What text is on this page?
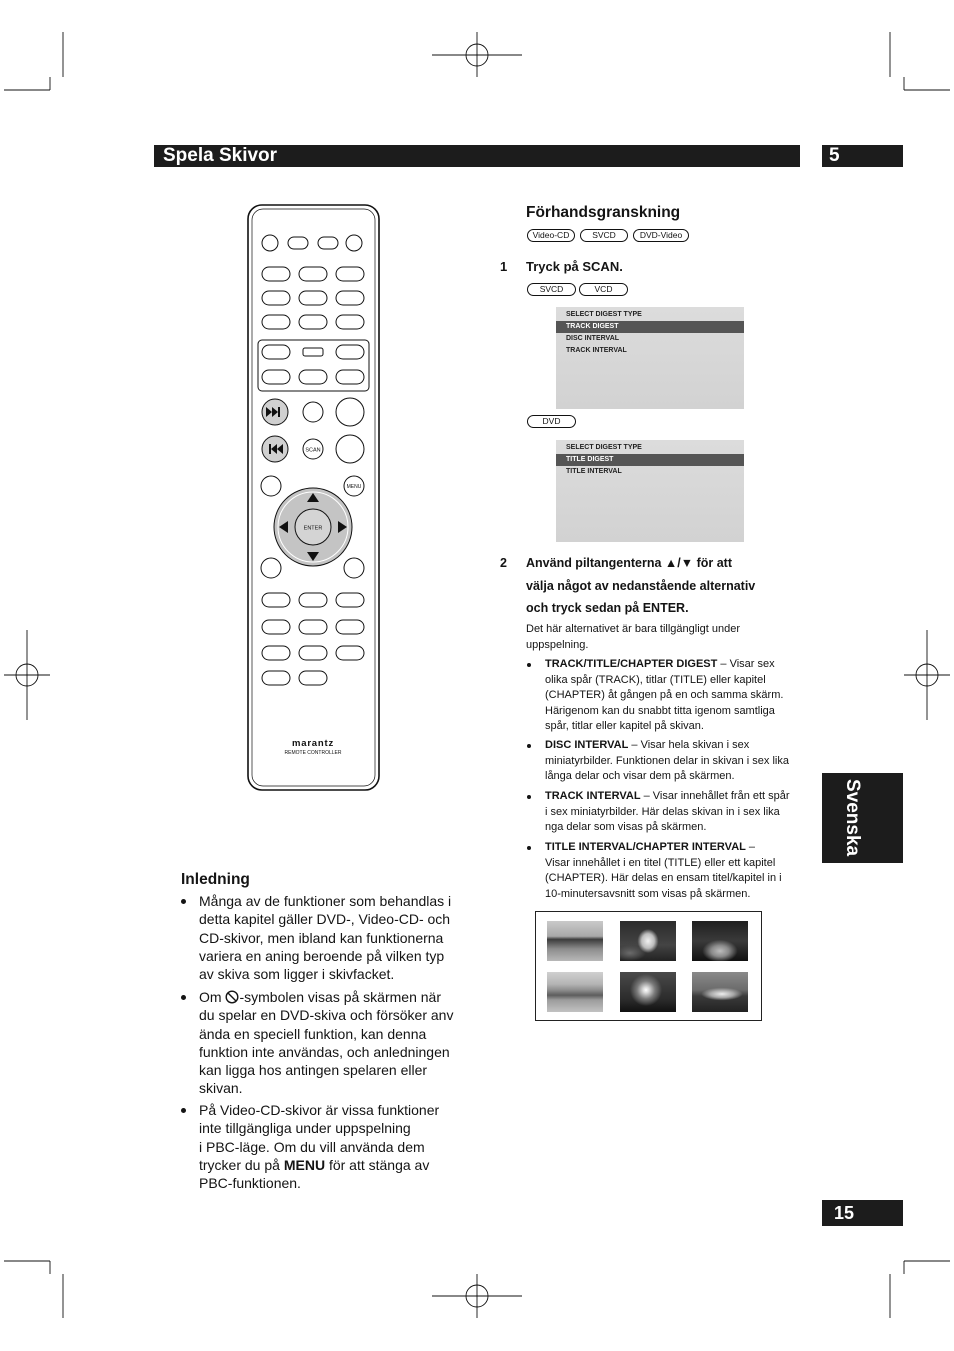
Spela Skivor	5
SCAN
MENU
ENTER
marantz
REMOTE CONTROLLER
Förhandsgranskning
Video-CD	SVCD	DVD-Video
1 Tryck på SCAN.
SVCD	VCD
SELECT DIGEST TYPE
TRACK DIGEST
DISC INTERVAL
TRACK INTERVAL
DVD
SELECT DIGEST TYPE
TITLE DIGEST
TITLE INTERVAL
2 Använd piltangenterna ▲/▼ för att
välja något av nedanstående alternativ
och tryck sedan på ENTER.
Det här alternativet är bara tillgängligt under
uppspelning.
TRACK/TITLE/CHAPTER DIGEST – Visar sex
olika spår (TRACK), titlar (TITLE) eller kapitel
(CHAPTER) åt gången på en och samma skärm.
Härigenom kan du snabbt titta igenom samtliga
spår, titlar eller kapitel på skivan.
DISC INTERVAL – Visar hela skivan i sex
miniatyrbilder. Funktionen delar in skivan i sex lika
långa delar och visar dem på skärmen.
TRACK INTERVAL – Visar innehållet från ett spår
i sex miniatyrbilder. Här delas skivan in i sex lika
nga delar som visas på skärmen.
TITLE INTERVAL/CHAPTER INTERVAL –
Visar innehållet i en titel (TITLE) eller ett kapitel
(CHAPTER). Här delas en ensam titel/kapitel in i
10-minutersavsnitt som visas på skärmen.
Svenska
Inledning
Många av de funktioner som behandlas i
detta kapitel gäller DVD-, Video-CD- och
CD-skivor, men ibland kan funktionerna
variera en aning beroende på vilken typ
av skiva som ligger i skivfacket.
Om -symbolen visas på skärmen när
du spelar en DVD-skiva och försöker anv
ända en speciell funktion, kan denna
funktion inte användas, och anledningen
kan ligga hos antingen spelaren eller
skivan.
På Video-CD-skivor är vissa funktioner
inte tillgängliga under uppspelning
i PBC-läge. Om du vill använda dem
trycker du på MENU för att stänga av
PBC-funktionen.
15
